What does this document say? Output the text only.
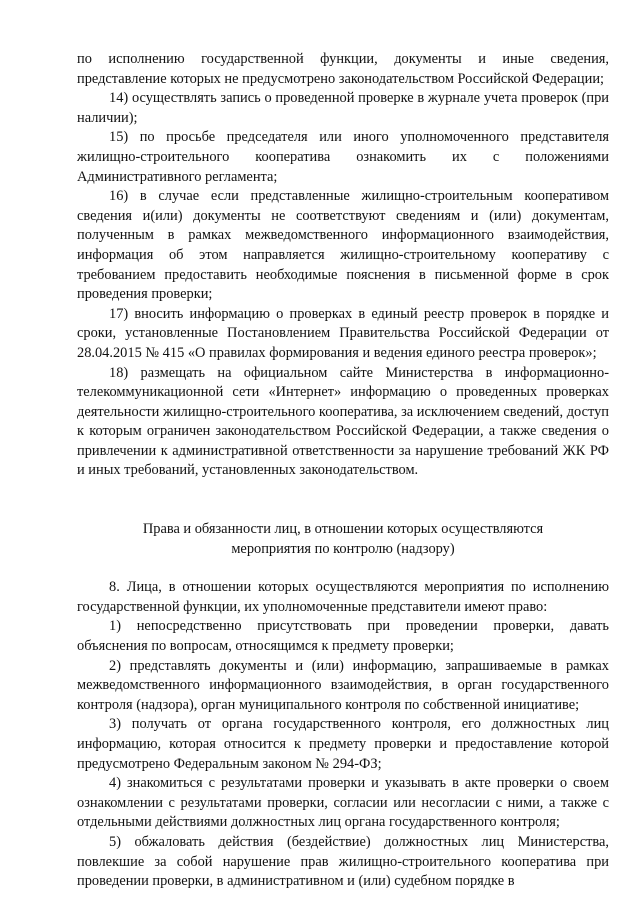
по исполнению государственной функции, документы и иные сведения, представление которых не предусмотрено законодательством Российской Федерации;

14) осуществлять запись о проведенной проверке в журнале учета проверок (при наличии);

15) по просьбе председателя или иного уполномоченного представителя жилищно-строительного кооператива ознакомить их с положениями Административного регламента;

16) в случае если представленные жилищно-строительным кооперативом сведения и(или) документы не соответствуют сведениям и (или) документам, полученным в рамках межведомственного информационного взаимодействия, информация об этом направляется жилищно-строительному кооперативу с требованием предоставить необходимые пояснения в письменной форме в срок проведения проверки;

17) вносить информацию о проверках в единый реестр проверок в порядке и сроки, установленные Постановлением Правительства Российской Федерации от 28.04.2015 № 415 «О правилах формирования и ведения единого реестра проверок»;

18) размещать на официальном сайте Министерства в информационно-телекоммуникационной сети «Интернет» информацию о проведенных проверках деятельности жилищно-строительного кооператива, за исключением сведений, доступ к которым ограничен законодательством Российской Федерации, а также сведения о привлечении к административной ответственности за нарушение требований ЖК РФ и иных требований, установленных законодательством.

Права и обязанности лиц, в отношении которых осуществляются мероприятия по контролю (надзору)

8. Лица, в отношении которых осуществляются мероприятия по исполнению государственной функции, их уполномоченные представители имеют право:

1) непосредственно присутствовать при проведении проверки, давать объяснения по вопросам, относящимся к предмету проверки;

2) представлять документы и (или) информацию, запрашиваемые в рамках межведомственного информационного взаимодействия, в орган государственного контроля (надзора), орган муниципального контроля по собственной инициативе;

3) получать от органа государственного контроля, его должностных лиц информацию, которая относится к предмету проверки и предоставление которой предусмотрено Федеральным законом № 294-ФЗ;

4) знакомиться с результатами проверки и указывать в акте проверки о своем ознакомлении с результатами проверки, согласии или несогласии с ними, а также с отдельными действиями должностных лиц органа государственного контроля;

5) обжаловать действия (бездействие) должностных лиц Министерства, повлекшие за собой нарушение прав жилищно-строительного кооператива при проведении проверки, в административном и (или) судебном порядке в
